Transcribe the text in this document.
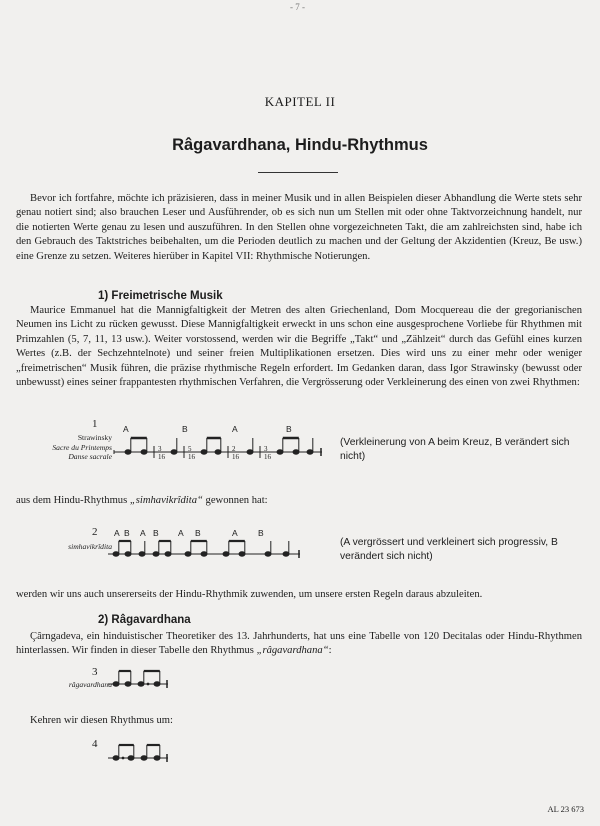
- 7 -
KAPITEL II
Râgavardhana, Hindu-Rhythmus

Bevor ich fortfahre, möchte ich präzisieren, dass in meiner Musik und in allen Beispielen dieser Abhandlung die Werte stets sehr genau notiert sind; also brauchen Leser und Ausführender, ob es sich nun um Stellen mit oder ohne Taktvorzeichnung handelt, nur die notierten Werte genau zu lesen und auszuführen. In den Stellen ohne vorgezeichneten Takt, die am zahlreichsten sind, habe ich den Gebrauch des Taktstriches beibehalten, um die Perioden deutlich zu machen und der Geltung der Akzidentien (Kreuz, Be usw.) eine Grenze zu setzen. Weiteres hierüber in Kapitel VII: Rhythmische Notierungen.

1) Freimetrische Musik

Maurice Emmanuel hat die Mannigfaltigkeit der Metren des alten Griechenland, Dom Mocquereau die der gregorianischen Neumen ins Licht zu rücken gewusst. Diese Mannigfaltigkeit erweckt in uns schon eine ausgesprochene Vorliebe für Rhythmen mit Primzahlen (5, 7, 11, 13 usw.). Weiter vorstossend, werden wir die Begriffe „Takt“ und „Zählzeit“ durch das Gefühl eines kurzen Wertes (z.B. der Sechzehntelnote) und seiner freien Multiplikationen ersetzen. Dies wird uns zu einer mehr oder weniger „freimetrischen“ Musik führen, die präzise rhythmische Regeln erfordert. Im Gedanken daran, dass Igor Strawinsky (bewusst oder unbewusst) eines seiner frappantesten rhythmischen Verfahren, die Vergrösserung oder Verkleinerung des einen von zwei Rhythmen:

1
Strawinsky
Sacre du Printemps
Danse sacrale
A	B	A	B
3
16
5
16
2
16
3
16
(Verkleinerung von A beim Kreuz, B verändert sich nicht)

aus dem Hindu-Rhythmus „simhavikrîdita“ gewonnen hat:

2
simhavikrîdita
A B A B A B	A B
(A vergrössert und verkleinert sich progressiv, B verändert sich nicht)

werden wir uns auch unsererseits der Hindu-Rhythmik zuwenden, um unsere ersten Regeln daraus abzuleiten.

2) Râgavardhana

Çârngadeva, ein hinduistischer Theoretiker des 13. Jahrhunderts, hat uns eine Tabelle von 120 Decitalas oder Hindu-Rhythmen hinterlassen. Wir finden in dieser Tabelle den Rhythmus „râgavardhana“:

3
râgavardhana

Kehren wir diesen Rhythmus um:

4
AL 23 673
